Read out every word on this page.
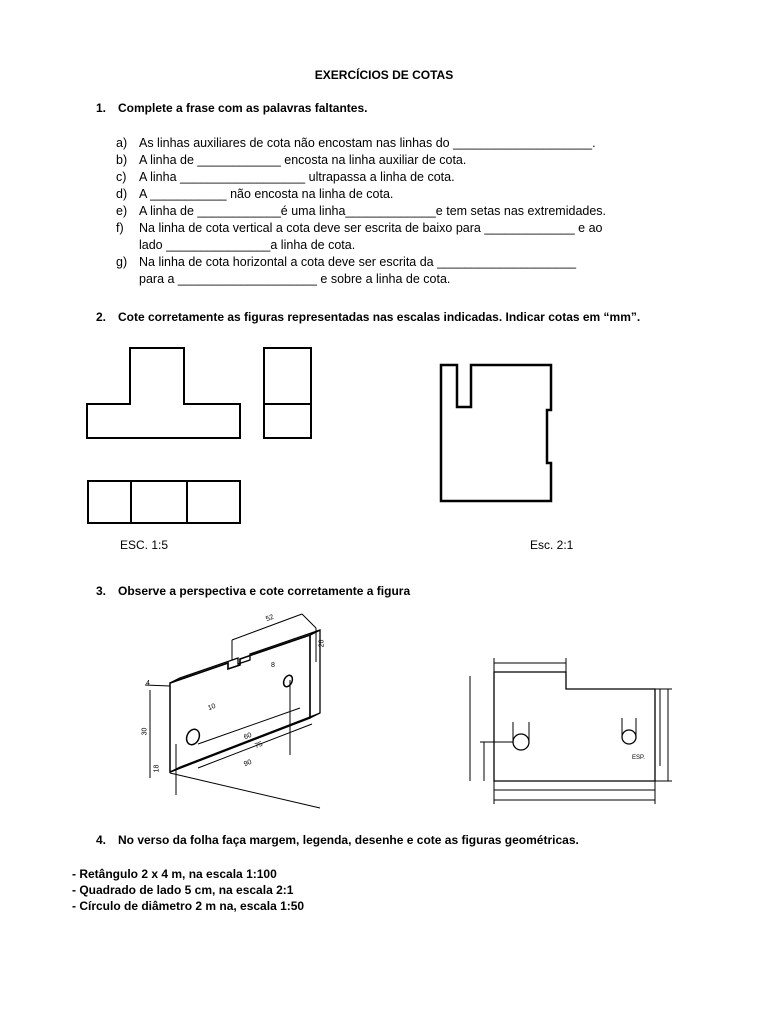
EXERCÍCIOS DE COTAS
1. Complete a frase com as palavras faltantes.
a) As linhas auxiliares de cota não encostam nas linhas do ____________________.
b) A linha de ____________ encosta na linha auxiliar de cota.
c) A linha __________________ ultrapassa a linha de cota.
d) A ___________ não encosta na linha de cota.
e) A linha de ____________é uma linha_____________e tem setas nas extremidades.
f) Na linha de cota vertical a cota deve ser escrita de baixo para _____________ e ao
lado _______________a linha de cota.
g) Na linha de cota horizontal a cota deve ser escrita da ____________________
para a ____________________ e sobre a linha de cota.
2. Cote corretamente as figuras representadas nas escalas indicadas. Indicar cotas em “mm”.
ESC. 1:5	Esc. 2:1
3. Observe a perspectiva e cote corretamente a figura
52
26
8
10
60
75
90
30
18
4
ESP.
4. No verso da folha faça margem, legenda, desenhe e cote as figuras geométricas.
- Retângulo 2 x 4 m, na escala 1:100
- Quadrado de lado 5 cm, na escala 2:1
- Círculo de diâmetro 2 m na, escala 1:50
